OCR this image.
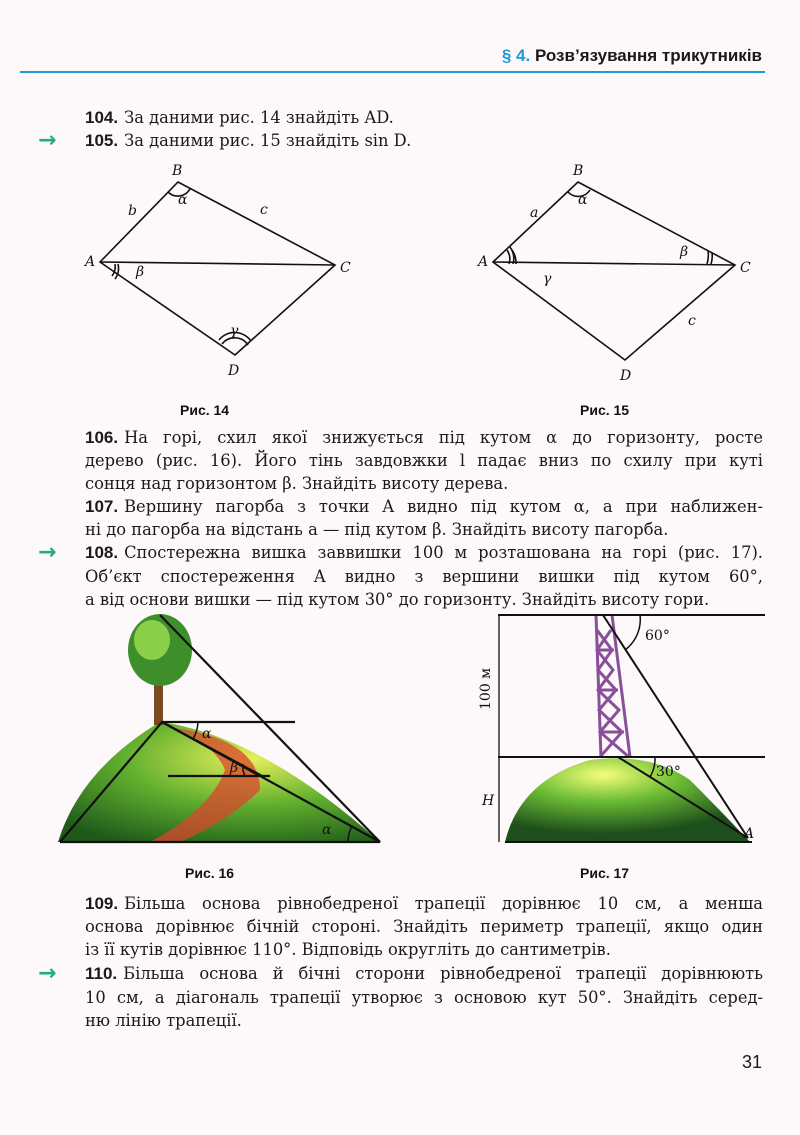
§ 4. Розв’язування трикутників
104. За даними рис. 14 знайдіть AD.
105. За даними рис. 15 знайдіть sin D.
→
106. На горі, схил якої знижується під кутом α до горизонту, росте
дерево (рис. 16). Його тінь завдовжки l падає вниз по схилу при куті
сонця над горизонтом β. Знайдіть висоту дерева.
107. Вершину пагорба з точки A видно під кутом α, а при наближен-
ні до пагорба на відстань a — під кутом β. Знайдіть висоту пагорба.
108. Спостережна вишка заввишки 100 м розташована на горі (рис. 17).
Об’єкт спостереження A видно з вершини вишки під кутом 60°,
а від основи вишки — під кутом 30° до горизонту. Знайдіть висоту гори.
→
109. Більша основа рівнобедреної трапеції дорівнює 10 см, а менша
основа дорівнює бічній стороні. Знайдіть периметр трапеції, якщо один
із її кутів дорівнює 110°. Відповідь округліть до сантиметрів.
110. Більша основа й бічні сторони рівнобедреної трапеції дорівнюють
10 см, а діагональ трапеції утворює з основою кут 50°. Знайдіть серед-
ню лінію трапеції.
→
B
A	C
D
b	c
α
β
γ
Рис. 14
B
A	C
D
a
c
α
β
γ
Рис. 15
α
β
α
Рис. 16
60°
30°
A
H
100 м
Рис. 17
31
